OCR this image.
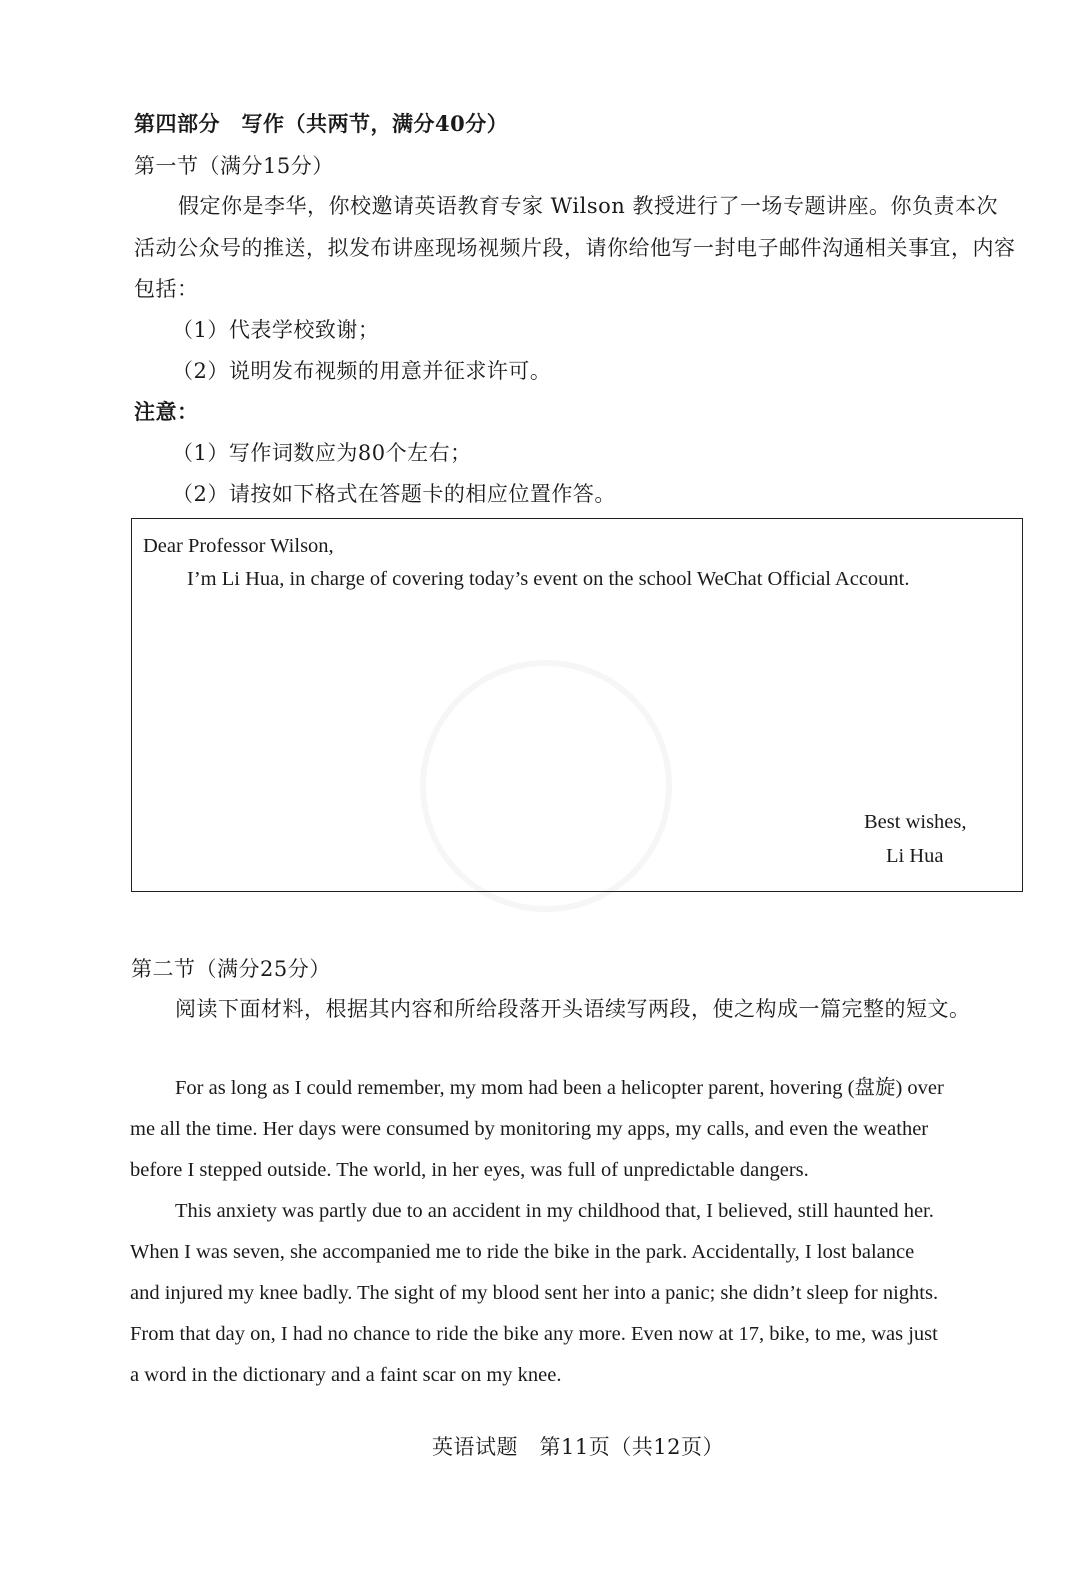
第四部分　写作（共两节，满分40分）
第一节（满分15分）
假定你是李华，你校邀请英语教育专家 Wilson 教授进行了一场专题讲座。你负责本次
活动公众号的推送，拟发布讲座现场视频片段，请你给他写一封电子邮件沟通相关事宜，内容
包括：
（1）代表学校致谢；
（2）说明发布视频的用意并征求许可。
注意：
（1）写作词数应为80个左右；
（2）请按如下格式在答题卡的相应位置作答。
Dear Professor Wilson,
I’m Li Hua, in charge of covering today’s event on the school WeChat Official Account.
Best wishes,
Li Hua
第二节（满分25分）
阅读下面材料，根据其内容和所给段落开头语续写两段，使之构成一篇完整的短文。
For as long as I could remember, my mom had been a helicopter parent, hovering (盘旋) over
me all the time. Her days were consumed by monitoring my apps, my calls, and even the weather
before I stepped outside. The world, in her eyes, was full of unpredictable dangers.
This anxiety was partly due to an accident in my childhood that, I believed, still haunted her.
When I was seven, she accompanied me to ride the bike in the park. Accidentally, I lost balance
and injured my knee badly. The sight of my blood sent her into a panic; she didn’t sleep for nights.
From that day on, I had no chance to ride the bike any more. Even now at 17, bike, to me, was just
a word in the dictionary and a faint scar on my knee.
英语试题　第11页（共12页）
